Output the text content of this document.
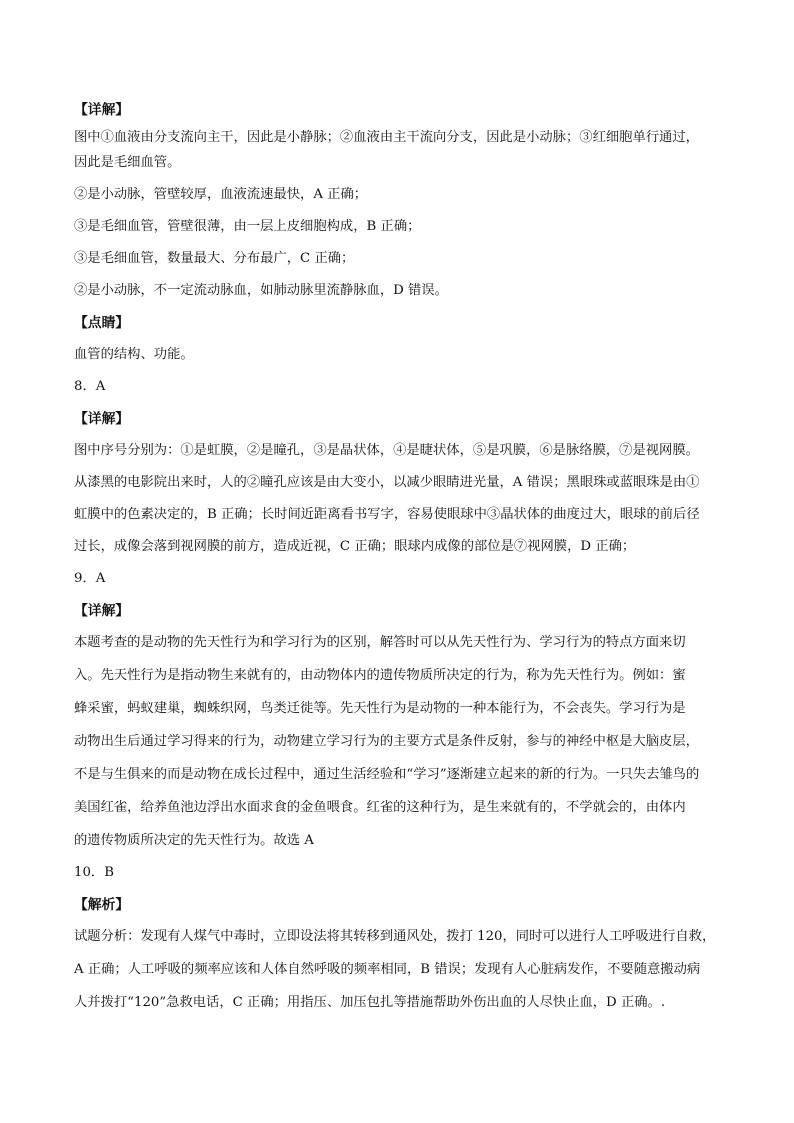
【详解】
图中①血液由分支流向主干，因此是小静脉；②血液由主干流向分支，因此是小动脉；③红细胞单行通过，
因此是毛细血管。
②是小动脉，管壁较厚，血液流速最快，A 正确；
③是毛细血管，管壁很薄，由一层上皮细胞构成，B 正确；
③是毛细血管，数量最大、分布最广，C 正确；
②是小动脉，不一定流动脉血，如肺动脉里流静脉血，D 错误。
【点睛】
血管的结构、功能。
8．A
【详解】
图中序号分别为：①是虹膜，②是瞳孔，③是晶状体，④是睫状体，⑤是巩膜，⑥是脉络膜，⑦是视网膜。
从漆黑的电影院出来时，人的②瞳孔应该是由大变小，以减少眼睛进光量，A 错误；黑眼珠或蓝眼珠是由①
虹膜中的色素决定的，B 正确；长时间近距离看书写字，容易使眼球中③晶状体的曲度过大，眼球的前后径
过长，成像会落到视网膜的前方，造成近视，C 正确；眼球内成像的部位是⑦视网膜，D 正确；
9．A
【详解】
本题考查的是动物的先天性行为和学习行为的区别，解答时可以从先天性行为、学习行为的特点方面来切
入。先天性行为是指动物生来就有的，由动物体内的遗传物质所决定的行为，称为先天性行为。例如：蜜
蜂采蜜，蚂蚁建巢，蜘蛛织网，鸟类迁徙等。先天性行为是动物的一种本能行为，不会丧失。学习行为是
动物出生后通过学习得来的行为，动物建立学习行为的主要方式是条件反射，参与的神经中枢是大脑皮层，
不是与生俱来的而是动物在成长过程中，通过生活经验和“学习”逐渐建立起来的新的行为。一只失去雏鸟的
美国红雀，给养鱼池边浮出水面求食的金鱼喂食。红雀的这种行为，是生来就有的，不学就会的，由体内
的遗传物质所决定的先天性行为。故选 A
10．B
【解析】
试题分析：发现有人煤气中毒时，立即设法将其转移到通风处，拨打 120，同时可以进行人工呼吸进行自救，
A 正确；人工呼吸的频率应该和人体自然呼吸的频率相同，B 错误；发现有人心脏病发作，不要随意搬动病
人并拨打“120”急救电话，C 正确；用指压、加压包扎等措施帮助外伤出血的人尽快止血，D 正确。.
